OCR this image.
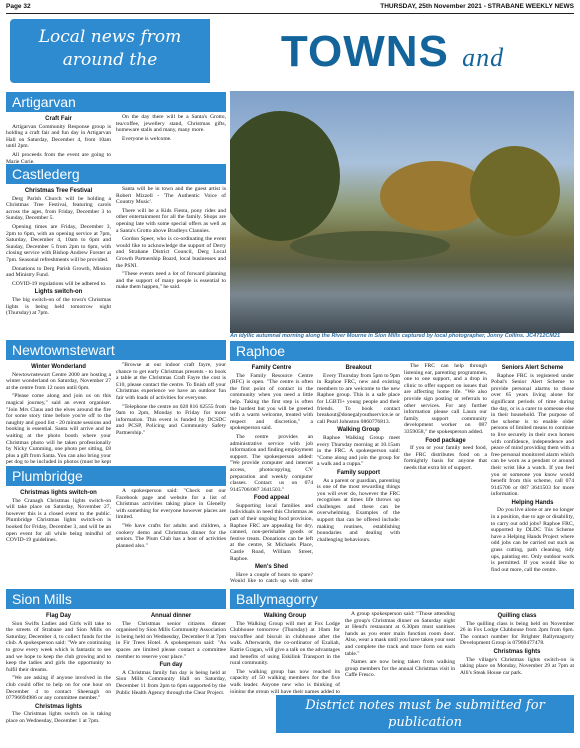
Page 32	THURSDAY, 25th November 2021 - STRABANE WEEKLY NEWS
Local news from
around the	TOWNS and
Artigarvan
Craft Fair

Artigarvan Community Response group is holding a craft fair and fun day in Artigarvan Hall on Saturday, December 4, from 10am until 2pm.

All proceeds from the event are going to Marie Curie.

On the day there will be a Santa's Grotto, tea/coffee, jewellery stand, Christmas gifts, homeware stalls and many, many more.

Everyone is welcome.

Castlederg
Christmas Tree Festival

Derg Parish Church will be holding a Christmas Tree Festival, featuring carols across the ages, from Friday, December 3 to Sunday, December 5.

Opening times are Friday, December 3, 2pm to 6pm, with an opening service at 7pm, Saturday, December 4, 10am to 6pm and Sunday, December 5 from 2pm to 6pm, with closing service with Bishop Andrew Forster at 7pm. Seasonal refreshments will be provided.

Donations to Derg Parish Growth, Mission and Ministry Fund.

COVID-19 regulations will be adhered to.

Lights switch-on

The big switch-on of the town's Christmas lights is being held tomorrow night (Thursday) at 7pm.

Santa will be in town and the guest artist is Robert Mizzell - 'The Authentic Voice of Country Music'.

There will be a Kids Fiesta, pony rides and other entertainment for all the family. Shops are opening late with some special offers as well as a Santa's Grotto above Bradleys Clannies.

Gordon Speer, who is co-ordinating the event would like to acknowledge the support of Derry and Strabane District Council, Derg Local Growth Partnership Board, local businesses and the PSNI.

"These events need a lot of forward planning and the support of many people is essential to make them happen," he said.

An idyllic autumnal morning along the River Mourne in Sion Mills captured by local photographer, Jonny Collins. JC4712CM21
Newtownstewart
Winter Wonderland

Newtownstewart Centre 2000 are hosting a winter wonderland on Saturday, November 27 at the centre from 12 noon until 6pm.

"Please come along and join us on this magical journey," said an event organiser. "Join Mrs Claus and the elves around the fire for some story time before you're off to the naughty and good list - 20 minute sessions and booking is essential. Santa will arrive and be waiting at the photo booth where your Christmas photo will be taken professionally by Nicky Cumming, one photo per sitting, £8 plus a gift from Santa. You can also bring your pet dog to be included in photos (must be kept

"Browse at our indoor craft fayre, your chance to get early Christmas presents - to book a table at the Christmas Craft Fayre the cost is £10, please contact the centre. To finish off your Christmas experience we have an outdoor fun fair with loads of activities for everyone.

"Telephone the centre on 028 816 62555 from 9am to 2pm, Monday to Friday for more information. This event is funded by DCSDC and PCSP, Policing and Community Safety Partnership."

Plumbridge
Christmas lights switch-on

The Cranagh Christmas lights switch-on will take place on Saturday, November 27, however this is a closed event to the public. Plumbridge Christmas lights switch-on is booked for Friday, December 3, and will be an open event for all while being mindful of COVID-19 guidelines.

A spokesperson said: "Check out our Facebook page and website for a list of Christmas activities taking place in Glenelly with something for everyone however places are limited.

"We have crafts for adults and children, a cookery demo and Christmas dinner for the seniors. The Plum Club has a host of activities planned also."

Raphoe
Family Centre

The Family Resource Centre (RFC) is open. "The centre is often the first point of contact in the community when you need a little help. Taking the first step is often the hardest but you will be greeted with a warm welcome, treated with respect and discretion," a spokesperson said.

The centre provides an administrative service with job information and finding employment support. The spokesperson added: "We provide computer and internet access, photocopying, CV preparation and weekly computer classes. Contact us on 074 9145706/087 3641503."

Food appeal

Supporting local families and individuals in need this Christmas as part of their ongoing food provision, Raphoe FRC are appealing for dry, canned, non-perishable goods or festive treats. Donations can be left at the centre, St Michaels Place, Castle Road, William Street, Raphoe.

Men's Shed

Have a couple of hours to spare? Would like to catch up with other

Breakout

Every Thursday from 5pm to 9pm in Raphoe FRC, new and existing members to are welcome to the new Raphoe group. This is a safe place for LGBTI+ young people and their friends. To book contact breakout@donegalyouthservice.ie or call Pearl Johnston 0860776813.

Walking Group

Raphoe Walking Group meet every Thursday morning at 10.15am in the FRC. A spokesperson said: "Come along and join the group for a walk and a cuppa."

Family support

As a parent or guardian, parenting is one of the most rewarding things you will ever do, however the FRC recognises at times life throws up challenges and these can be overwhelming. Examples of the support that can be offered include: making routines, establishing boundaries and dealing with challenging behaviours.

The FRC can help through listening ear, parenting programmes, one to one support, and a drop in clinic to offer support on issues that are affecting home life. "We also provide sign posting or referrals to other services. For any further information please call Laura our family support community development worker on 087 3359058," the spokesperson added.

Food package

If you or your family need food, the FRC distributes food on a fortnightly basis for anyone that needs that extra bit of support.

Seniors Alert Scheme

Raphoe FRC is registered under Pobal's Senior Alert Scheme to provide personal alarms to those over 65 years living alone for significant periods of time during the day, or is a carer to someone else in their household. The purpose of the scheme is to enable older persons of limited means to continue to live securely in their own homes with confidence, independence and peace of mind providing them with a free personal monitored alarm which can be worn as a pendant or around their wrist like a watch. If you feel you or someone you know would benefit from this scheme, call 074 9145706 or 087 3641503 for more information.

Helping Hands

Do you live alone or are no longer in a position, due to age or disability, to carry out odd jobs? Raphoe FRC, supported by DLDC Tús Scheme have a Helping Hands Project where odd jobs can be carried out such as grass cutting, path cleaning, tidy ups, painting etc. Only outdoor work is permitted. If you would like to find out more, call the centre.

Sion Mills
Flag Day

Sion Swifts Ladies and Girls will take to the streets of Strabane and Sion Mills on Saturday, December 4, to collect funds for the club. A spokesperson said: "We are continuing to grow every week which is fantastic to see and we hope to keep the club growing and to keep the ladies and girls the opportunity to fulfil their dreams.

"We are asking if anyone involved in the club could offer to help on for one hour on December 4 to contact Sheenagh on 07796694986 or any committee member."

Christmas lights

The Christmas lights switch on is taking place on Wednesday, December 1 at 7pm.

Annual dinner

The Christmas senior citizens dinner organised by Sion Mills Community Association is being held on Wednesday, December 8 at 7pm in Fir Trees Hotel. A spokesperson said: "As spaces are limited please contact a committee member to reserve your place."

Fun day

A Christmas family fun day is being held at Sion Mills Community Hall on Saturday, December 11 from 2pm to 6pm supported by the Public Health Agency through the Clear Project.

Ballymagorry
Walking Group

The Walking Group will met at Fox Lodge Clubhouse tomorrow (Thursday) at 10am for tea/coffee and biscuit in clubhouse after the walk. Afterwards, the co-ordinator of Ezaliah, Katrie Gragan, will give a talk on the advantages and benefits of using Eskilink Transport in the rural community.

The walking group has now reached its capacity of 50 walking members for the five walk leader. Anyone new who is thinking of joining the group will have their names added to

A group spokesperson said: "Those attending the group's Christmas dinner on Saturday night at Hend's restaurant at 6.30pm must sanitises hands as you enter main function room door. Also, wear a mask until you have taken your seat and complete the track and trace form on each table."

Names are now being taken from walking group members for the annual Christmas visit in Caffe Fresco.

Quilling class

The quilling class is being held on November 26 in Fox Lodge Clubhouse from 2pm from 6pm. The contact number for Brighter Ballymagorry Development Group is 07960477478.

Christmas lights

The village's Christmas lights switch-on is taking place on Monday, November 29 at 7pm at Alli's Steak House car park.

District notes must be submitted for publication
no later than 5pm on Monday.
